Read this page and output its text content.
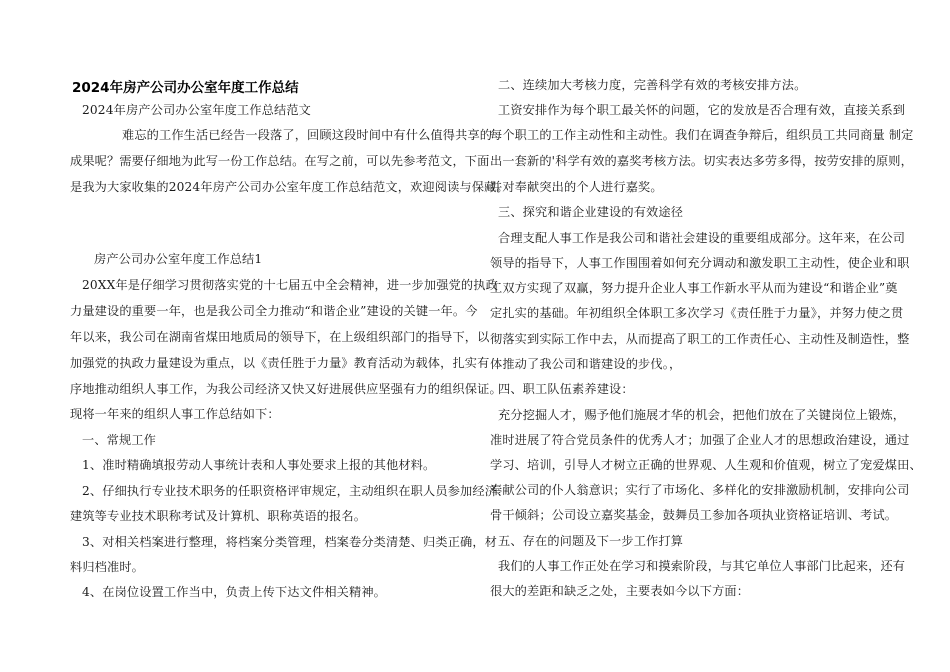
2024年房产公司办公室年度工作总结
2024年房产公司办公室年度工作总结范文
难忘的工作生活已经告一段落了，回顾这段时间中有什么值得共享的
成果呢？需要仔细地为此写一份工作总结。在写之前，可以先参考范文，下面
是我为大家收集的2024年房产公司办公室年度工作总结范文，欢迎阅读与保藏。
房产公司办公室年度工作总结1
20XX年是仔细学习贯彻落实党的十七届五中全会精神，进一步加强党的执政
力量建设的重要一年，也是我公司全力推动“和谐企业”建设的关键一年。今
年以来，我公司在湖南省煤田地质局的领导下，在上级组织部门的指导下，以
加强党的执政力量建设为重点，以《责任胜于力量》教育活动为载体，扎实有
序地推动组织人事工作，为我公司经济又快又好进展供应坚强有力的组织保证。
现将一年来的组织人事工作总结如下：
一、常规工作
1、准时精确填报劳动人事统计表和人事处要求上报的其他材料。
2、仔细执行专业技术职务的任职资格评审规定，主动组织在职人员参加经济、
建筑等专业技术职称考试及计算机、职称英语的报名。
3、对相关档案进行整理，将档案分类管理，档案卷分类清楚、归类正确，材
料归档准时。
4、在岗位设置工作当中，负责上传下达文件相关精神。
二、连续加大考核力度，完善科学有效的考核安排方法。
工资安排作为每个职工最关怀的问题，它的发放是否合理有效，直接关系到
每个职工的工作主动性和主动性。我们在调查争辩后，组织员工共同商量 制定
出一套新的'科学有效的嘉奖考核方法。切实表达多劳多得，按劳安排的原则，
并对奉献突出的个人进行嘉奖。
三、探究和谐企业建设的有效途径
合理支配人事工作是我公司和谐社会建设的重要组成部分。这年来，在公司
领导的指导下，人事工作围围着如何充分调动和激发职工主动性，使企业和职
工双方实现了双赢，努力提升企业人事工作新水平从而为建设“和谐企业”奠
定扎实的基础。年初组织全体职工多次学习《责任胜于力量》，并努力使之贯
彻落实到实际工作中去，从而提高了职工的工作责任心、主动性及制造性，整
体推动了我公司和谐建设的步伐。，
四、职工队伍素养建设：
充分挖掘人才，赐予他们施展才华的机会，把他们放在了关键岗位上锻炼，
准时进展了符合党员条件的优秀人才；加强了企业人才的思想政治建设，通过
学习、培训，引导人才树立正确的世界观、人生观和价值观，树立了宠爱煤田、
奉献公司的仆人翁意识；实行了市场化、多样化的安排激励机制，安排向公司
骨干倾斜；公司设立嘉奖基金，鼓舞员工参加各项执业资格证培训、考试。
五、存在的问题及下一步工作打算
我们的人事工作正处在学习和摸索阶段，与其它单位人事部门比起来，还有
很大的差距和缺乏之处，主要表如今以下方面：
